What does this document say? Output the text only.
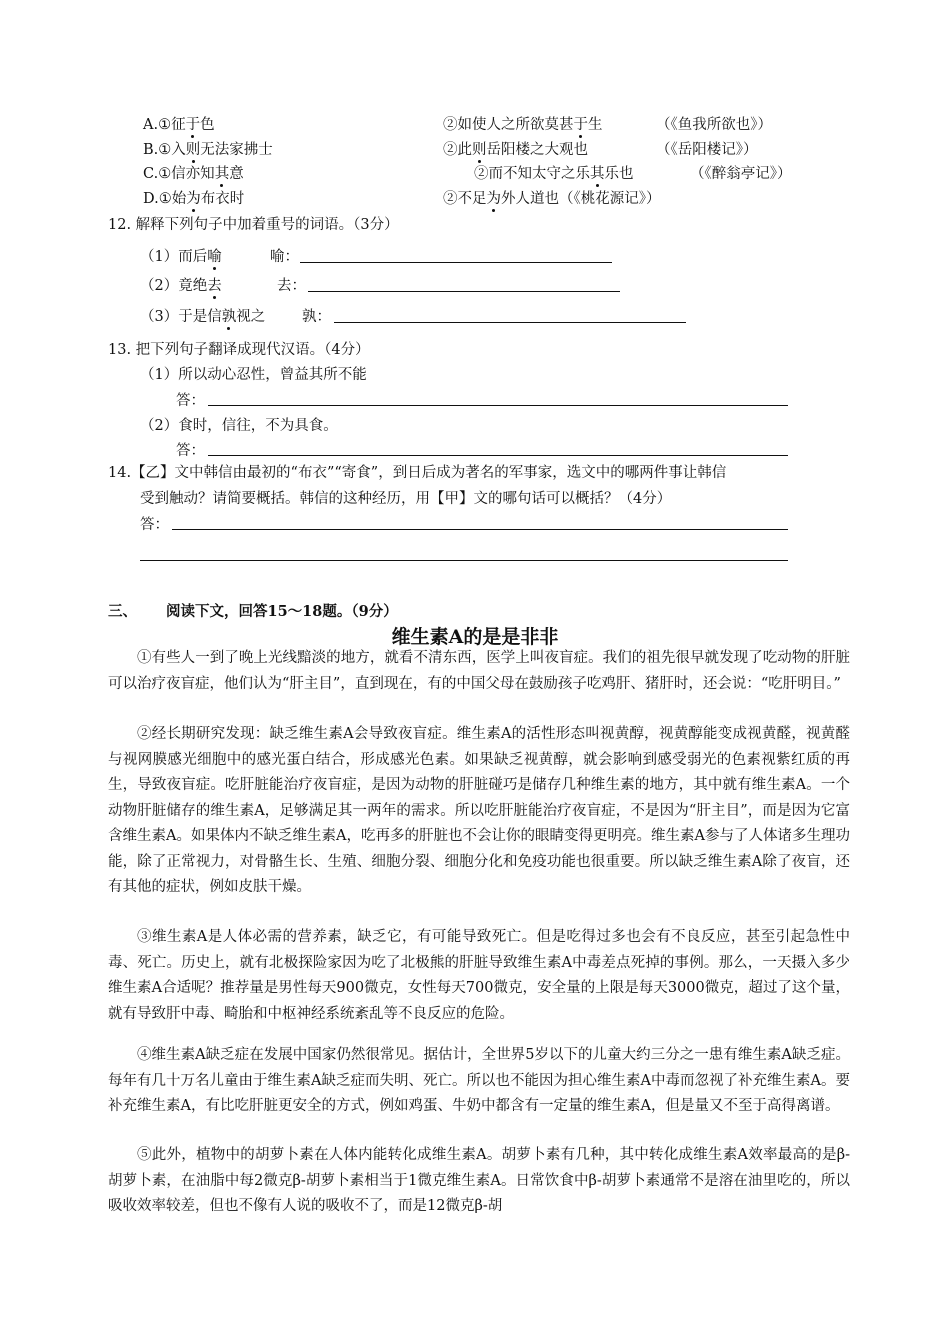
A.①征于色	②如使人之所欲莫甚于生	（《鱼我所欲也》）
B.①入则无法家拂士	②此则岳阳楼之大观也	（《岳阳楼记》）
C.①信亦知其意	②而不知太守之乐其乐也	（《醉翁亭记》）
D.①始为布衣时	②不足为外人道也（《桃花源记》）
12. 解释下列句子中加着重号的词语。（3分）
（1）而后喻	喻：
（2）竟绝去	去：
（3）于是信孰视之	孰：
13. 把下列句子翻译成现代汉语。（4分）
（1）所以动心忍性，曾益其所不能
答：
（2）食时，信往，不为具食。
答：
14.【乙】文中韩信由最初的“布衣”“寄食”，到日后成为著名的军事家，选文中的哪两件事让韩信
受到触动？请简要概括。韩信的这种经历，用【甲】文的哪句话可以概括？（4分）
答：
三、 阅读下文，回答15～18题。（9分）
维生素A的是是非非

①有些人一到了晚上光线黯淡的地方，就看不清东西，医学上叫夜盲症。我们的祖先很早就发现了吃动物的肝脏可以治疗夜盲症，他们认为“肝主目”，直到现在，有的中国父母在鼓励孩子吃鸡肝、猪肝时，还会说：“吃肝明目。”

②经长期研究发现：缺乏维生素A会导致夜盲症。维生素A的活性形态叫视黄醇，视黄醇能变成视黄醛，视黄醛与视网膜感光细胞中的感光蛋白结合，形成感光色素。如果缺乏视黄醇，就会影响到感受弱光的色素视紫红质的再生，导致夜盲症。吃肝脏能治疗夜盲症，是因为动物的肝脏碰巧是储存几种维生素的地方，其中就有维生素A。一个动物肝脏储存的维生素A，足够满足其一两年的需求。所以吃肝脏能治疗夜盲症，不是因为“肝主目”，而是因为它富含维生素A。如果体内不缺乏维生素A，吃再多的肝脏也不会让你的眼睛变得更明亮。维生素A参与了人体诸多生理功能，除了正常视力，对骨骼生长、生殖、细胞分裂、细胞分化和免疫功能也很重要。所以缺乏维生素A除了夜盲，还有其他的症状，例如皮肤干燥。

③维生素A是人体必需的营养素，缺乏它，有可能导致死亡。但是吃得过多也会有不良反应，甚至引起急性中毒、死亡。历史上，就有北极探险家因为吃了北极熊的肝脏导致维生素A中毒差点死掉的事例。那么，一天摄入多少维生素A合适呢？推荐量是男性每天900微克，女性每天700微克，安全量的上限是每天3000微克，超过了这个量，就有导致肝中毒、畸胎和中枢神经系统紊乱等不良反应的危险。

④维生素A缺乏症在发展中国家仍然很常见。据估计，全世界5岁以下的儿童大约三分之一患有维生素A缺乏症。每年有几十万名儿童由于维生素A缺乏症而失明、死亡。所以也不能因为担心维生素A中毒而忽视了补充维生素A。要补充维生素A，有比吃肝脏更安全的方式，例如鸡蛋、牛奶中都含有一定量的维生素A，但是量又不至于高得离谱。

⑤此外，植物中的胡萝卜素在人体内能转化成维生素A。胡萝卜素有几种，其中转化成维生素A效率最高的是β-胡萝卜素，在油脂中每2微克β-胡萝卜素相当于1微克维生素A。日常饮食中β-胡萝卜素通常不是溶在油里吃的，所以吸收效率较差，但也不像有人说的吸收不了，而是12微克β-胡
